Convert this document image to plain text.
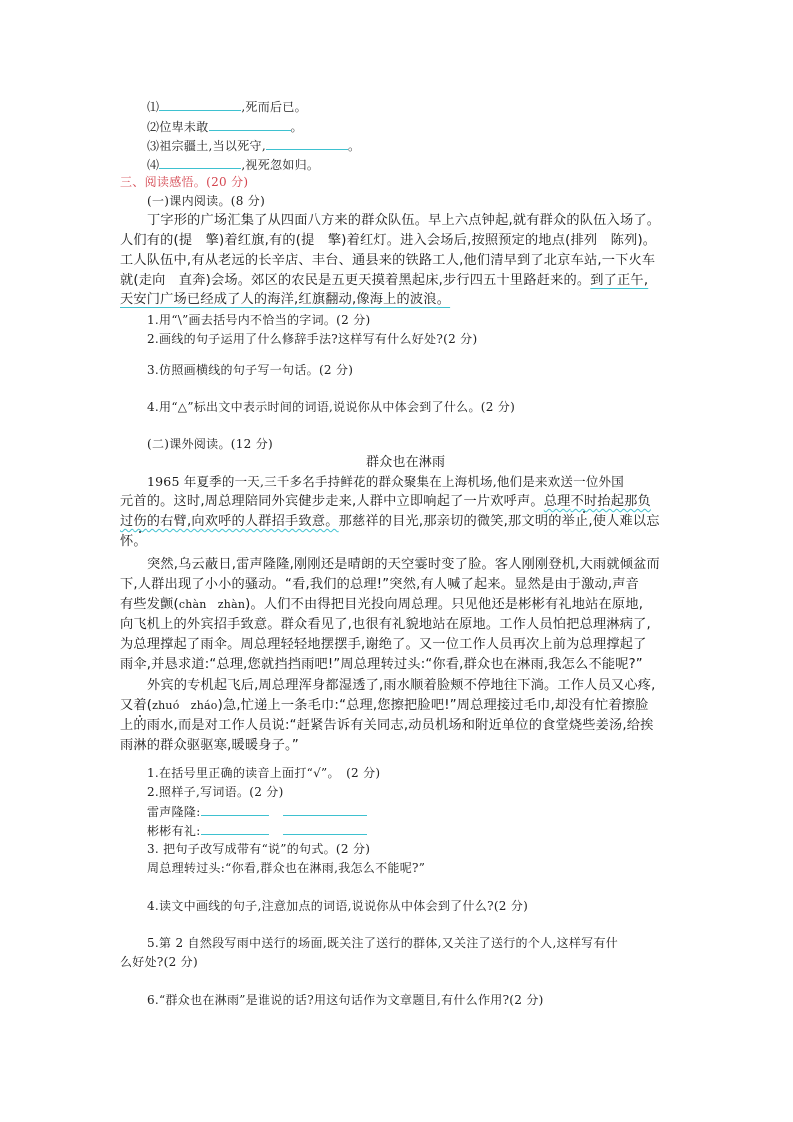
⑴	,死而后已。
⑵位卑未敢	。
⑶祖宗疆土,当以死守,	。
⑷	,视死忽如归。
三、阅读感悟。(20 分)
(一)课内阅读。(8 分)
丁字形的广场汇集了从四面八方来的群众队伍。早上六点钟起,就有群众的队伍入场了。
人们有的(提　擎)着红旗,有的(提　擎)着红灯。进入会场后,按照预定的地点(排列　陈列)。
工人队伍中,有从老远的长辛店、丰台、通县来的铁路工人,他们清早到了北京车站,一下火车
就(走向　直奔)会场。郊区的农民是五更天摸着黑起床,步行四五十里路赶来的。到了正午,
天安门广场已经成了人的海洋,红旗翻动,像海上的波浪。
1.用“\”画去括号内不恰当的字词。(2 分)
2.画线的句子运用了什么修辞手法?这样写有什么好处?(2 分)
3.仿照画横线的句子写一句话。(2 分)
4.用“△”标出文中表示时间的词语,说说你从中体会到了什么。(2 分)
(二)课外阅读。(12 分)
群众也在淋雨
1965 年夏季的一天,三千多名手持鲜花的群众聚集在上海机场,他们是来欢送一位外国
元首的。这时,周总理陪同外宾健步走来,人群中立即响起了一片欢呼声。总理不时抬起那负
过伤的右臂,向欢呼的人群招手致意。那慈祥的目光,那亲切的微笑,那文明的举止,使人难以忘
怀。
突然,乌云蔽日,雷声隆隆,刚刚还是晴朗的天空霎时变了脸。客人刚刚登机,大雨就倾盆而
下,人群出现了小小的骚动。“看,我们的总理!”突然,有人喊了起来。显然是由于激动,声音
有些发颤(chàn　zhàn)。人们不由得把目光投向周总理。只见他还是彬彬有礼地站在原地,
向飞机上的外宾招手致意。群众看见了,也很有礼貌地站在原地。工作人员怕把总理淋病了,
为总理撑起了雨伞。周总理轻轻地摆摆手,谢绝了。又一位工作人员再次上前为总理撑起了
雨伞,并恳求道:“总理,您就挡挡雨吧!”周总理转过头:“你看,群众也在淋雨,我怎么不能呢?”
外宾的专机起飞后,周总理浑身都湿透了,雨水顺着脸颊不停地往下淌。工作人员又心疼,
又着(zhuó　zháo)急,忙递上一条毛巾:“总理,您擦把脸吧!”周总理接过毛巾,却没有忙着擦脸
上的雨水,而是对工作人员说:“赶紧告诉有关同志,动员机场和附近单位的食堂烧些姜汤,给挨
雨淋的群众驱驱寒,暖暖身子。”
1.在括号里正确的读音上面打“√”。　(2 分)
2.照样子,写词语。(2 分)
雷声隆隆:
彬彬有礼:
3. 把句子改写成带有“说”的句式。(2 分)
周总理转过头:“你看,群众也在淋雨,我怎么不能呢?”
4.读文中画线的句子,注意加点的词语,说说你从中体会到了什么?(2 分)
5.第 2 自然段写雨中送行的场面,既关注了送行的群体,又关注了送行的个人,这样写有什
么好处?(2 分)
6.“群众也在淋雨”是谁说的话?用这句话作为文章题目,有什么作用?(2 分)
